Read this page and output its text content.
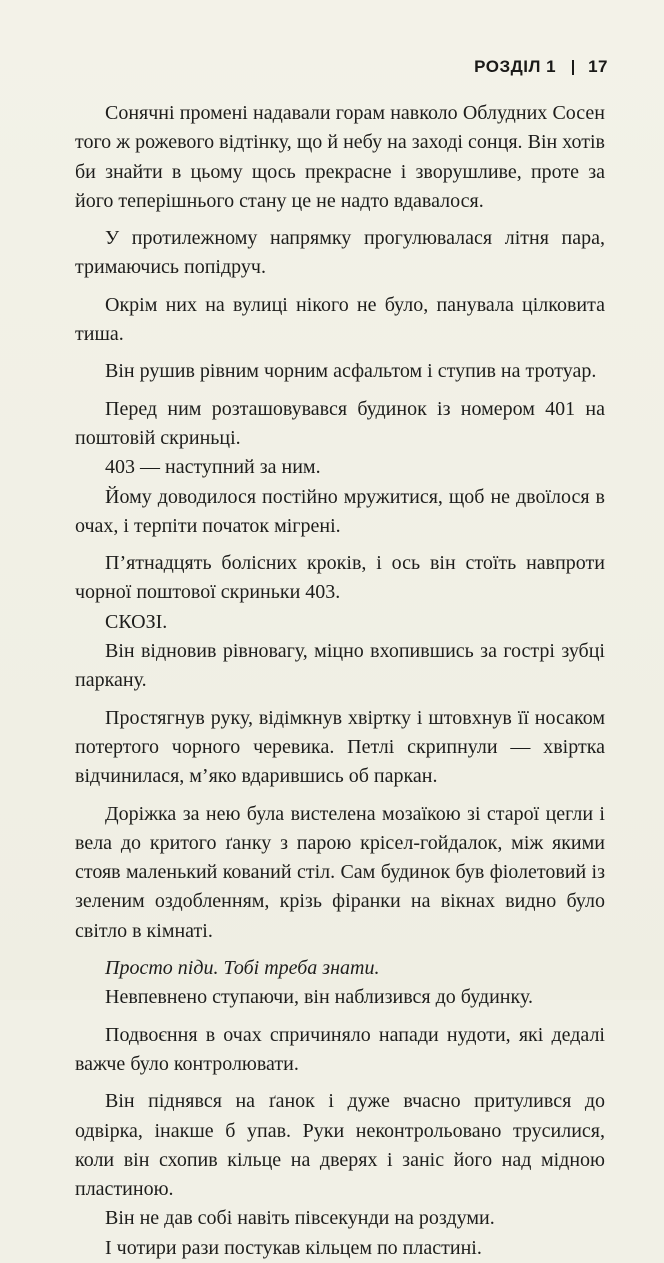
РОЗДІЛ 1 17

Сонячні промені надавали горам навколо Облудних Сосен того ж рожевого відтінку, що й небу на заході сонця. Він хотів би знайти в цьому щось прекрасне і зворушливе, проте за його теперішнього стану це не надто вдавалося.

У протилежному напрямку прогулювалася літня пара, тримаючись попідруч.

Окрім них на вулиці нікого не було, панувала цілковита тиша.

Він рушив рівним чорним асфальтом і ступив на тротуар.

Перед ним розташовувався будинок із номером 401 на поштовій скриньці.

403 — наступний за ним.

Йому доводилося постійно мружитися, щоб не двоїлося в очах, і терпіти початок мігрені.

П’ятнадцять болісних кроків, і ось він стоїть навпроти чорної поштової скриньки 403.

СКОЗІ.

Він відновив рівновагу, міцно вхопившись за гострі зубці паркану.

Простягнув руку, відімкнув хвіртку і штовхнув її носаком потертого чорного черевика. Петлі скрипнули — хвіртка відчинилася, м’яко вдарившись об паркан.

Доріжка за нею була вистелена мозаїкою зі старої цегли і вела до критого ґанку з парою крісел-гойдалок, між якими стояв маленький кований стіл. Сам будинок був фіолетовий із зеленим оздобленням, крізь фіранки на вікнах видно було світло в кімнаті.

Просто піди. Тобі треба знати.

Невпевнено ступаючи, він наблизився до будинку.

Подвоєння в очах спричиняло напади нудоти, які дедалі важче було контролювати.

Він піднявся на ґанок і дуже вчасно притулився до одвірка, інакше б упав. Руки неконтрольовано трусилися, коли він схопив кільце на дверях і заніс його над мідною пластиною.

Він не дав собі навіть півсекунди на роздуми.

І чотири рази постукав кільцем по пластині.
